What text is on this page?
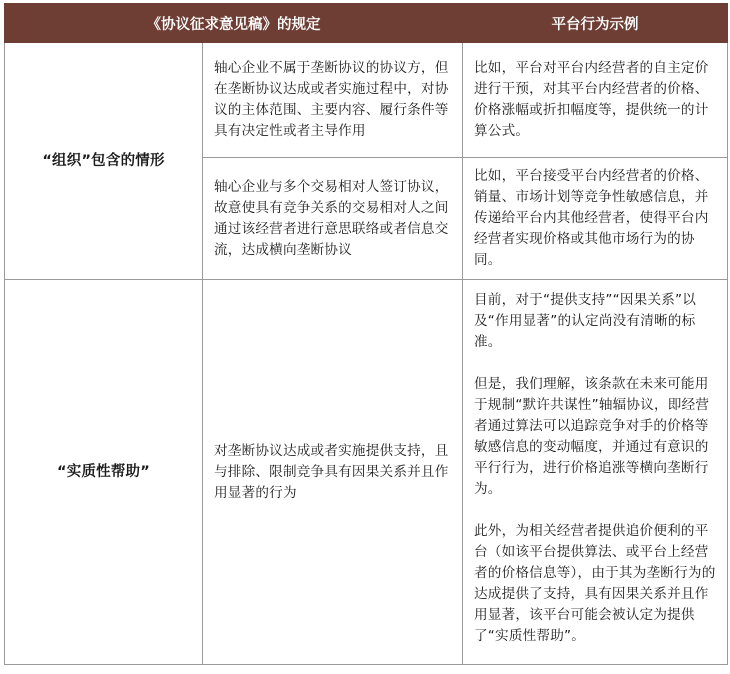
《协议征求意见稿》的规定		平台行为示例
“组织”包含的情形	轴心企业不属于垄断协议的协议方，但在垄断协议达成或者实施过程中，对协议的主体范围、主要内容、履行条件等具有决定性或者主导作用	比如，平台对平台内经营者的自主定价进行干预，对其平台内经营者的价格、价格涨幅或折扣幅度等，提供统一的计算公式。

	轴心企业与多个交易相对人签订协议，故意使具有竞争关系的交易相对人之间通过该经营者进行意思联络或者信息交流，达成横向垄断协议	比如，平台接受平台内经营者的价格、销量、市场计划等竞争性敏感信息，并传递给平台内其他经营者，使得平台内经营者实现价格或其他市场行为的协同。

“实质性帮助”	对垄断协议达成或者实施提供支持，且与排除、限制竞争具有因果关系并且作用显著的行为	目前，对于“提供支持”“因果关系”以及“作用显著”的认定尚没有清晰的标准。

但是，我们理解，该条款在未来可能用于规制“默许共谋性”轴辐协议，即经营者通过算法可以追踪竞争对手的价格等敏感信息的变动幅度，并通过有意识的平行行为，进行价格追涨等横向垄断行为。

此外，为相关经营者提供追价便利的平台（如该平台提供算法、或平台上经营者的价格信息等），由于其为垄断行为的达成提供了支持，具有因果关系并且作用显著，该平台可能会被认定为提供了“实质性帮助”。
